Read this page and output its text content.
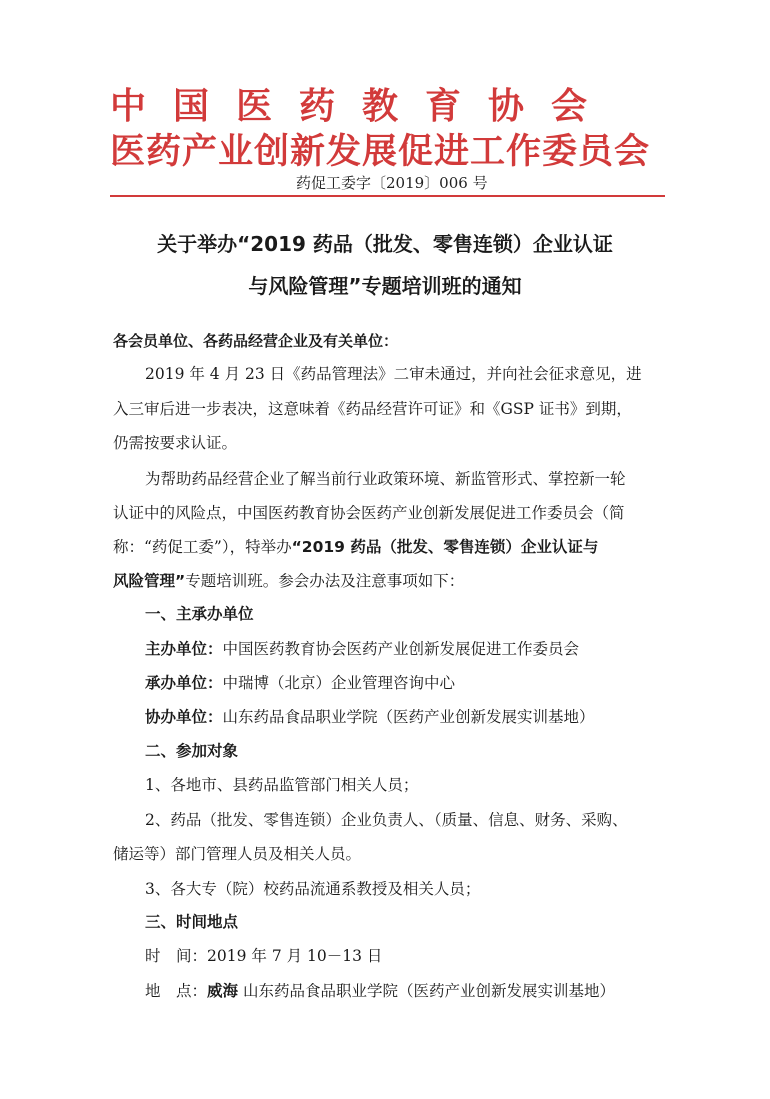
中国医药教育协会
医药产业创新发展促进工作委员会
药促工委字〔2019〕006 号
关于举办“2019 药品（批发、零售连锁）企业认证
与风险管理”专题培训班的通知
各会员单位、各药品经营企业及有关单位：
2019 年 4 月 23 日《药品管理法》二审未通过，并向社会征求意见，进
入三审后进一步表决，这意味着《药品经营许可证》和《GSP 证书》到期，
仍需按要求认证。
为帮助药品经营企业了解当前行业政策环境、新监管形式、掌控新一轮
认证中的风险点，中国医药教育协会医药产业创新发展促进工作委员会（简
称：“药促工委”），特举办“2019 药品（批发、零售连锁）企业认证与
风险管理”专题培训班。参会办法及注意事项如下：
一、主承办单位
主办单位：中国医药教育协会医药产业创新发展促进工作委员会
承办单位：中瑞博（北京）企业管理咨询中心
协办单位：山东药品食品职业学院（医药产业创新发展实训基地）
二、参加对象
1、各地市、县药品监管部门相关人员；
2、药品（批发、零售连锁）企业负责人、（质量、信息、财务、采购、
储运等）部门管理人员及相关人员。
3、各大专（院）校药品流通系教授及相关人员；
三、时间地点
时　间：2019 年 7 月 10－13 日
地　点：威海 山东药品食品职业学院（医药产业创新发展实训基地）
